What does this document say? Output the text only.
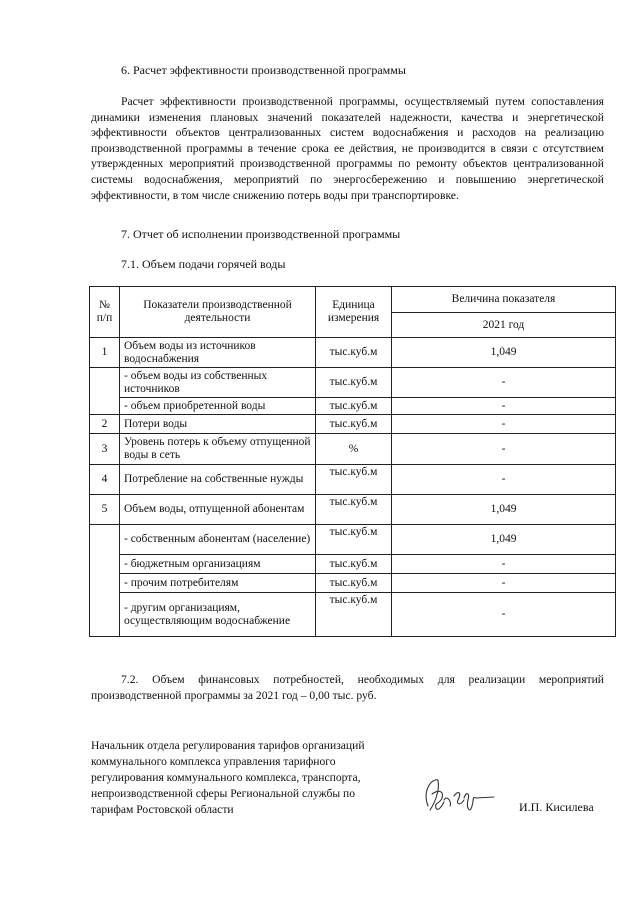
6. Расчет эффективности производственной программы
Расчет эффективности производственной программы, осуществляемый путем сопоставления динамики изменения плановых значений показателей надежности, качества и энергетической эффективности объектов централизованных систем водоснабжения и расходов на реализацию производственной программы в течение срока ее действия, не производится в связи с отсутствием утвержденных мероприятий производственной программы по ремонту объектов централизованной системы водоснабжения, мероприятий по энергосбережению и повышению энергетической эффективности, в том числе снижению потерь воды при транспортировке.
7. Отчет об исполнении производственной программы
7.1. Объем подачи горячей воды
№ п/п	Показатели производственной деятельности	Единица измерения	Величина показателя
			2021 год
1	Объем воды из источников водоснабжения	тыс.куб.м	1,049
	- объем воды из собственных источников	тыс.куб.м	-
	- объем приобретенной воды	тыс.куб.м	-
2	Потери воды	тыс.куб.м	-
3	Уровень потерь к объему отпущенной воды в сеть	%	-
4	Потребление на собственные нужды	тыс.куб.м	-
5	Объем воды, отпущенной абонентам	тыс.куб.м	1,049
	- собственным абонентам (население)	тыс.куб.м	1,049
	- бюджетным организациям	тыс.куб.м	-
	- прочим потребителям	тыс.куб.м	-
	- другим организациям, осуществляющим водоснабжение	тыс.куб.м	-
7.2. Объем финансовых потребностей, необходимых для реализации мероприятий производственной программы за 2021 год – 0,00 тыс. руб.
Начальник отдела регулирования тарифов организаций
коммунального комплекса управления тарифного
регулирования коммунального комплекса, транспорта,
непроизводственной сферы Региональной службы по
тарифам Ростовской области	И.П. Кисилева
